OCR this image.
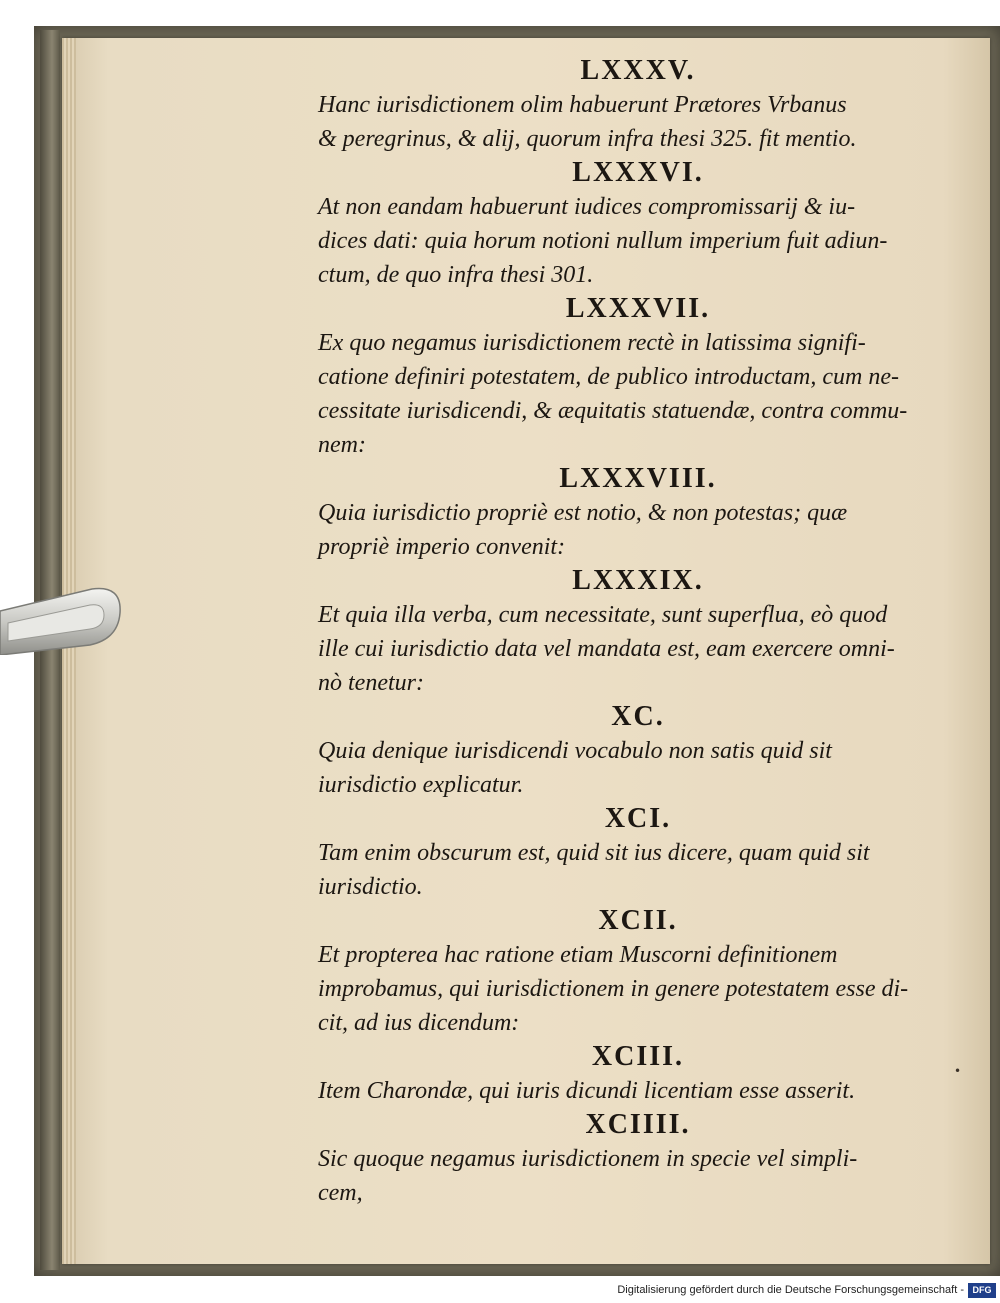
LXXXV.
Hanc iurisdictionem olim habuerunt Prætores Vrbanus
& peregrinus, & alij, quorum infra thesi 325. fit mentio.
LXXXVI.
At non eandam habuerunt iudices compromissarij & iu-
dices dati: quia horum notioni nullum imperium fuit adiun-
ctum, de quo infra thesi 301.
LXXXVII.
Ex quo negamus iurisdictionem rectè in latissima signifi-
catione definiri potestatem, de publico introductam, cum ne-
cessitate iurisdicendi, & æquitatis statuendæ, contra commu-
nem:
LXXXVIII.
Quia iurisdictio propriè est notio, & non potestas; quæ
propriè imperio convenit:
LXXXIX.
Et quia illa verba, cum necessitate, sunt superflua, eò quod
ille cui iurisdictio data vel mandata est, eam exercere omni-
nò tenetur:
XC.
Quia denique iurisdicendi vocabulo non satis quid sit
iurisdictio explicatur.
XCI.
Tam enim obscurum est, quid sit ius dicere, quam quid sit
iurisdictio.
XCII.
Et propterea hac ratione etiam Muscorni definitionem
improbamus, qui iurisdictionem in genere potestatem esse di-
cit, ad ius dicendum:
XCIII.
Item Charondæ, qui iuris dicundi licentiam esse asserit.
XCIIII.
Sic quoque negamus iurisdictionem in specie vel simpli-
cem,
•
Digitalisierung gefördert durch die Deutsche Forschungsgemeinschaft - DFG
